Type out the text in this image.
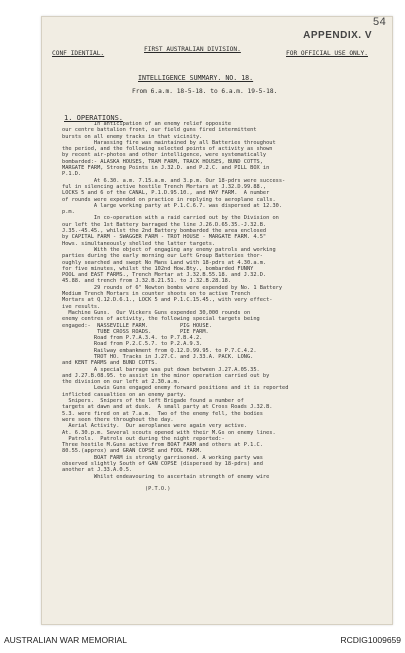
54
APPENDIX. V
CONF IDENTIAL.
FIRST AUSTRALIAN DIVISION.
FOR OFFICIAL USE ONLY.
INTELLIGENCE SUMMARY. NO. 18.
From 6.a.m. 18-5-18. to 6.a.m. 19-5-18.
1. OPERATIONS.

In anticipation of an enemy relief opposite

our centre battalion front, our field guns fired intermittent

bursts on all enemy tracks in that vicinity.

Harassing fire was maintained by all Batteries throughout

the period, and the following selected points of activity as shown

by recent air-photos and other intelligence, were systematically

bombarded:- ALASKA HOUSES, TRAM FARM, TRACK HOUSES, BUND COTTS,

MARGATE FARM, Strong Points in J.32.D. and P.2.C. and PILL BOX in

P.1.D.

At 6.30. a.m. 7.15.a.m. and 3.p.m. Our 18-pdrs were success-

ful in silencing active hostile Trench Mortars at J.32.D.99.88.,

LOCKS 5 and 6 of the CANAL, P.1.D.95.10., and HAY FARM.  A number

of rounds were expended on practice in replying to aeroplane calls.

A large working party at P.1.C.6.7. was dispersed at 12.30.

p.m.

In co-operation with a raid carried out by the Division on

our left the 1st Battery barraged the line J.26.D.65.35.-J.32.B.

J.35.-45.45., whilst the 2nd Battery bombarded the area enclosed

by CAPITAL FARM - SWAGGER FARM - TROT HOUSE - MARGATE FARM. 4.5"

Hows. simultaneously shelled the latter targets.

With the object of engaging any enemy patrols and working

parties during the early morning our Left Group Batteries thor-

oughly searched and swept No Mans Land with 18-pdrs at 4.30.a.m.

for five minutes, whilst the 102nd How.Bty., bombarded FUNNY

POOL and EAST FARMS., Trench Mortar at J.32.B.55.18. and J.32.D.

45.88. and trench from J.32.B.21.51. to J.32.B.28.18.

29 rounds of 6" Newton bombs were expended by No. 1 Battery

Medium Trench Mortars in counter shoots on to active Trench

Mortars at Q.12.D.6.1., LOCK 5 and P.1.C.15.45., with very effect-

ive results.

Machine Guns.  Our Vickers Guns expended 30,000 rounds on

enemy centres of activity, the following special targets being

engaged:-  NASSEVILLE FARM.          PIG HOUSE.

TUBE CROSS ROADS.         PIE FARM.

Road from P.7.A.3.4. to P.7.B.4.2.

Road from P.2.C.5.7. to P.2.A.9.3.

Railway embankment from Q.12.D.99.95. to P.7.C.4.2.

TROT HO. Tracks in J.27.C. and J.33.A. PACK. LONG.

and KENT FARMS and BUND COTTS.

A special barrage was put down between J.27.A.05.35.

and J.27.B.08.95. to assist in the minor operation carried out by

the division on our left at 2.30.a.m.

Lewis Guns engaged enemy forward positions and it is reported

inflicted casualties on an enemy party.

Snipers.  Snipers of the left Brigade found a number of

targets at dawn and at dusk.  A small party at Cross Roads J.32.B.

5.3. were fired on at 7.a.m.  Two of the enemy fell, the bodies

were seen there throughout the day.

Aerial Activity.  Our aeroplanes were again very active.

At. 6.30.p.m. Several scouts opened with their M.Gs on enemy lines.

Patrols.  Patrols out during the night reported:-

Three hostile M.Guns active from BOAT FARM and others at P.1.C.

80.55.(approx) and GRAN COPSE and FOOL FARM.

BOAT FARM is strongly garrisoned. A working party was

observed slightly South of GAN COPSE (dispersed by 18-pdrs) and

another at J.33.A.0.5.

Whilst endeavouring to ascertain strength of enemy wire

(P.T.O.)

AUSTRALIAN WAR MEMORIAL	RCDIG1009659
